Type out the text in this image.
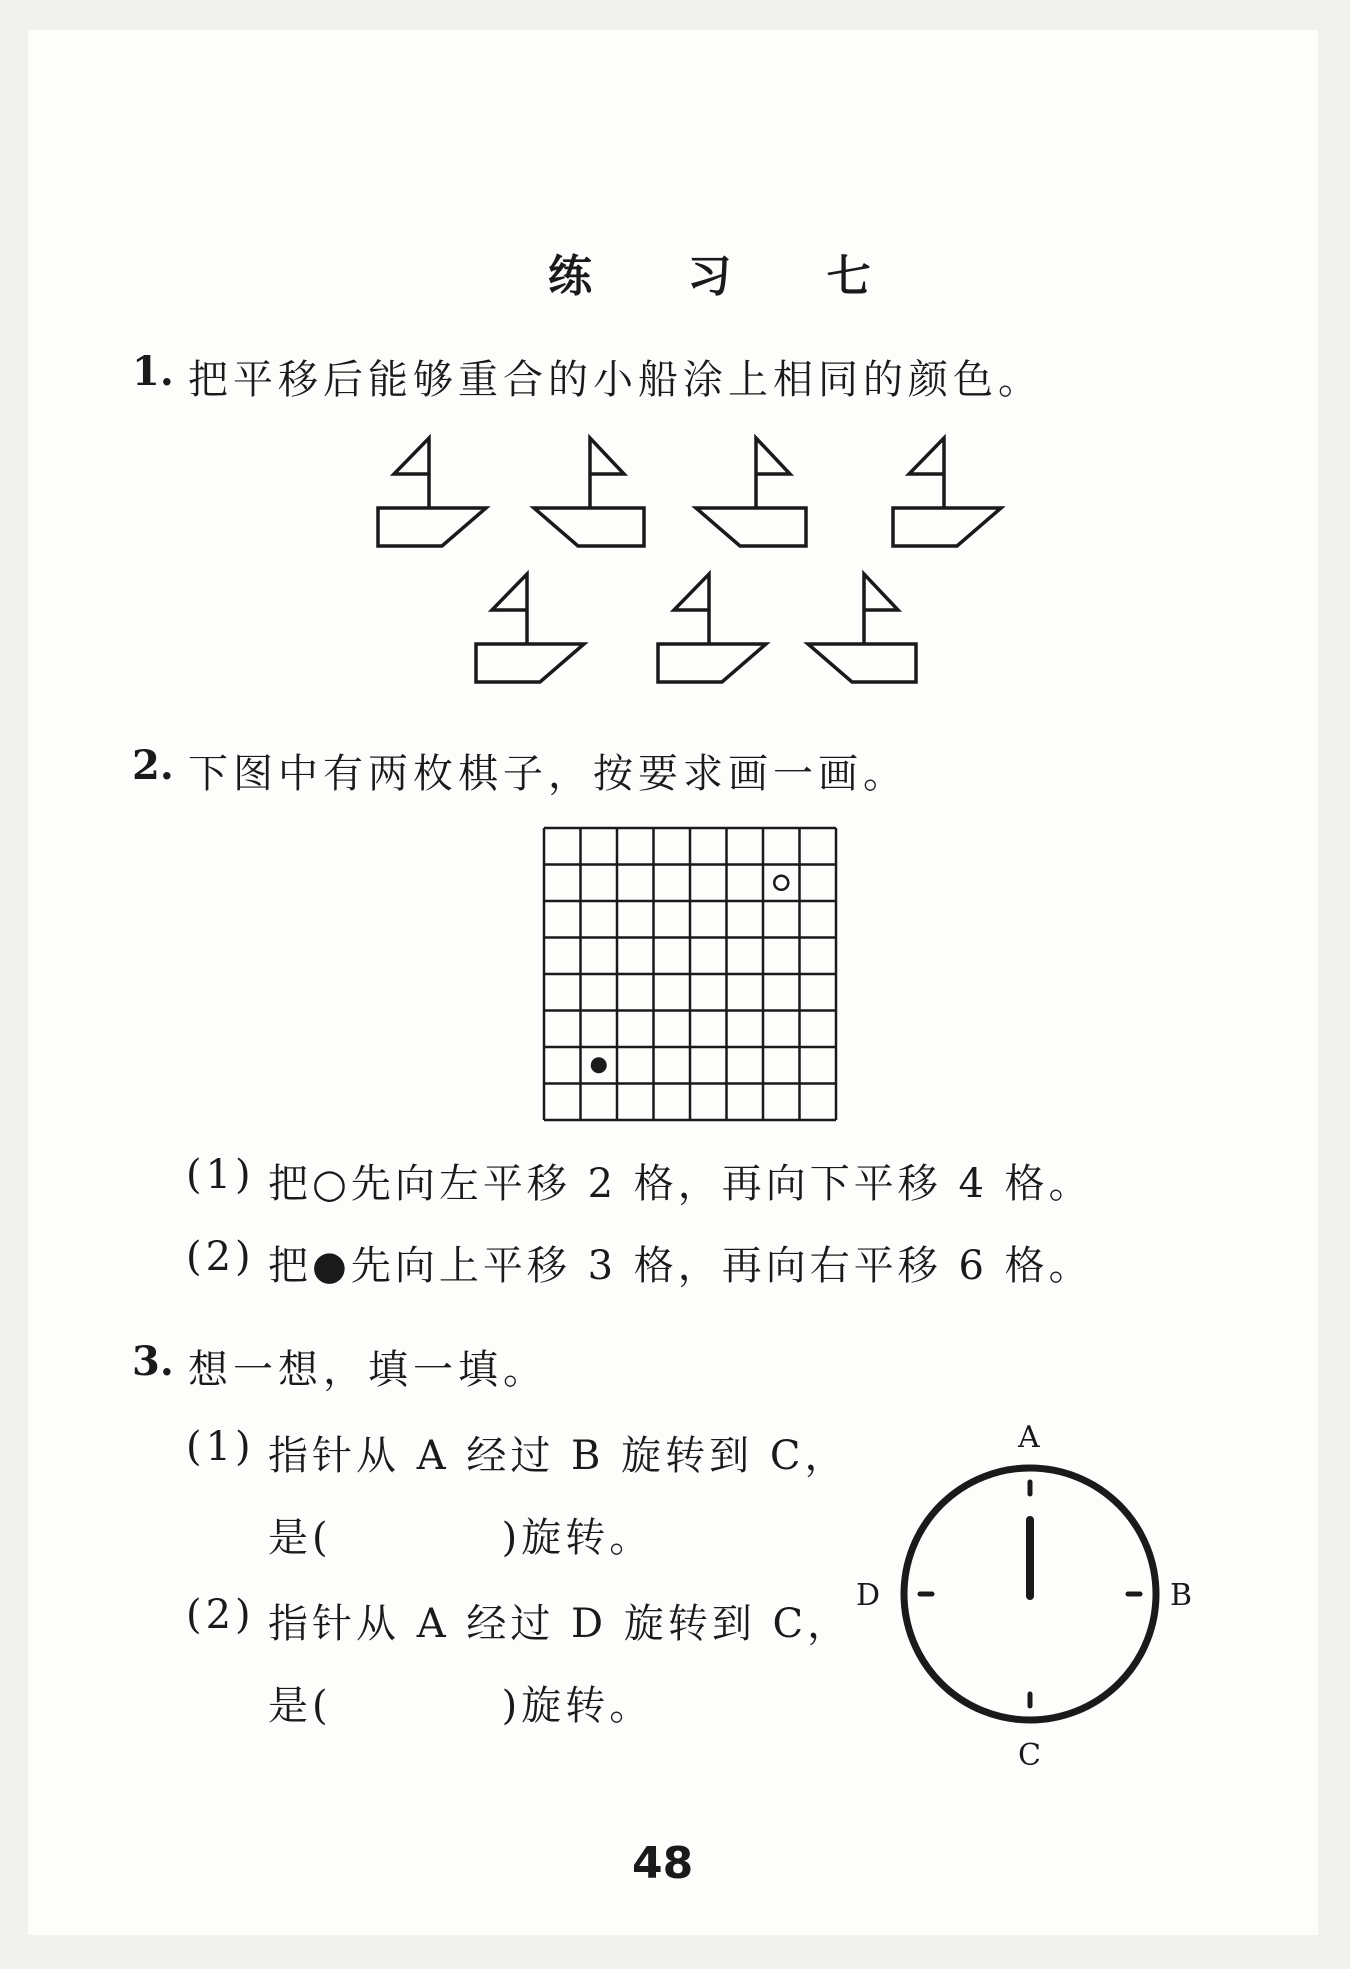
练 习 七
1. 把平移后能够重合的小船涂上相同的颜色。
2. 下图中有两枚棋子，按要求画一画。
(1) 把○先向左平移 2 格，再向下平移 4 格。
(2) 把●先向上平移 3 格，再向右平移 6 格。
3. 想一想，填一填。
(1) 指针从 A 经过 B 旋转到 C，
是(	)旋转。
(2) 指针从 A 经过 D 旋转到 C，
是(	)旋转。
A
B
C
D
48
